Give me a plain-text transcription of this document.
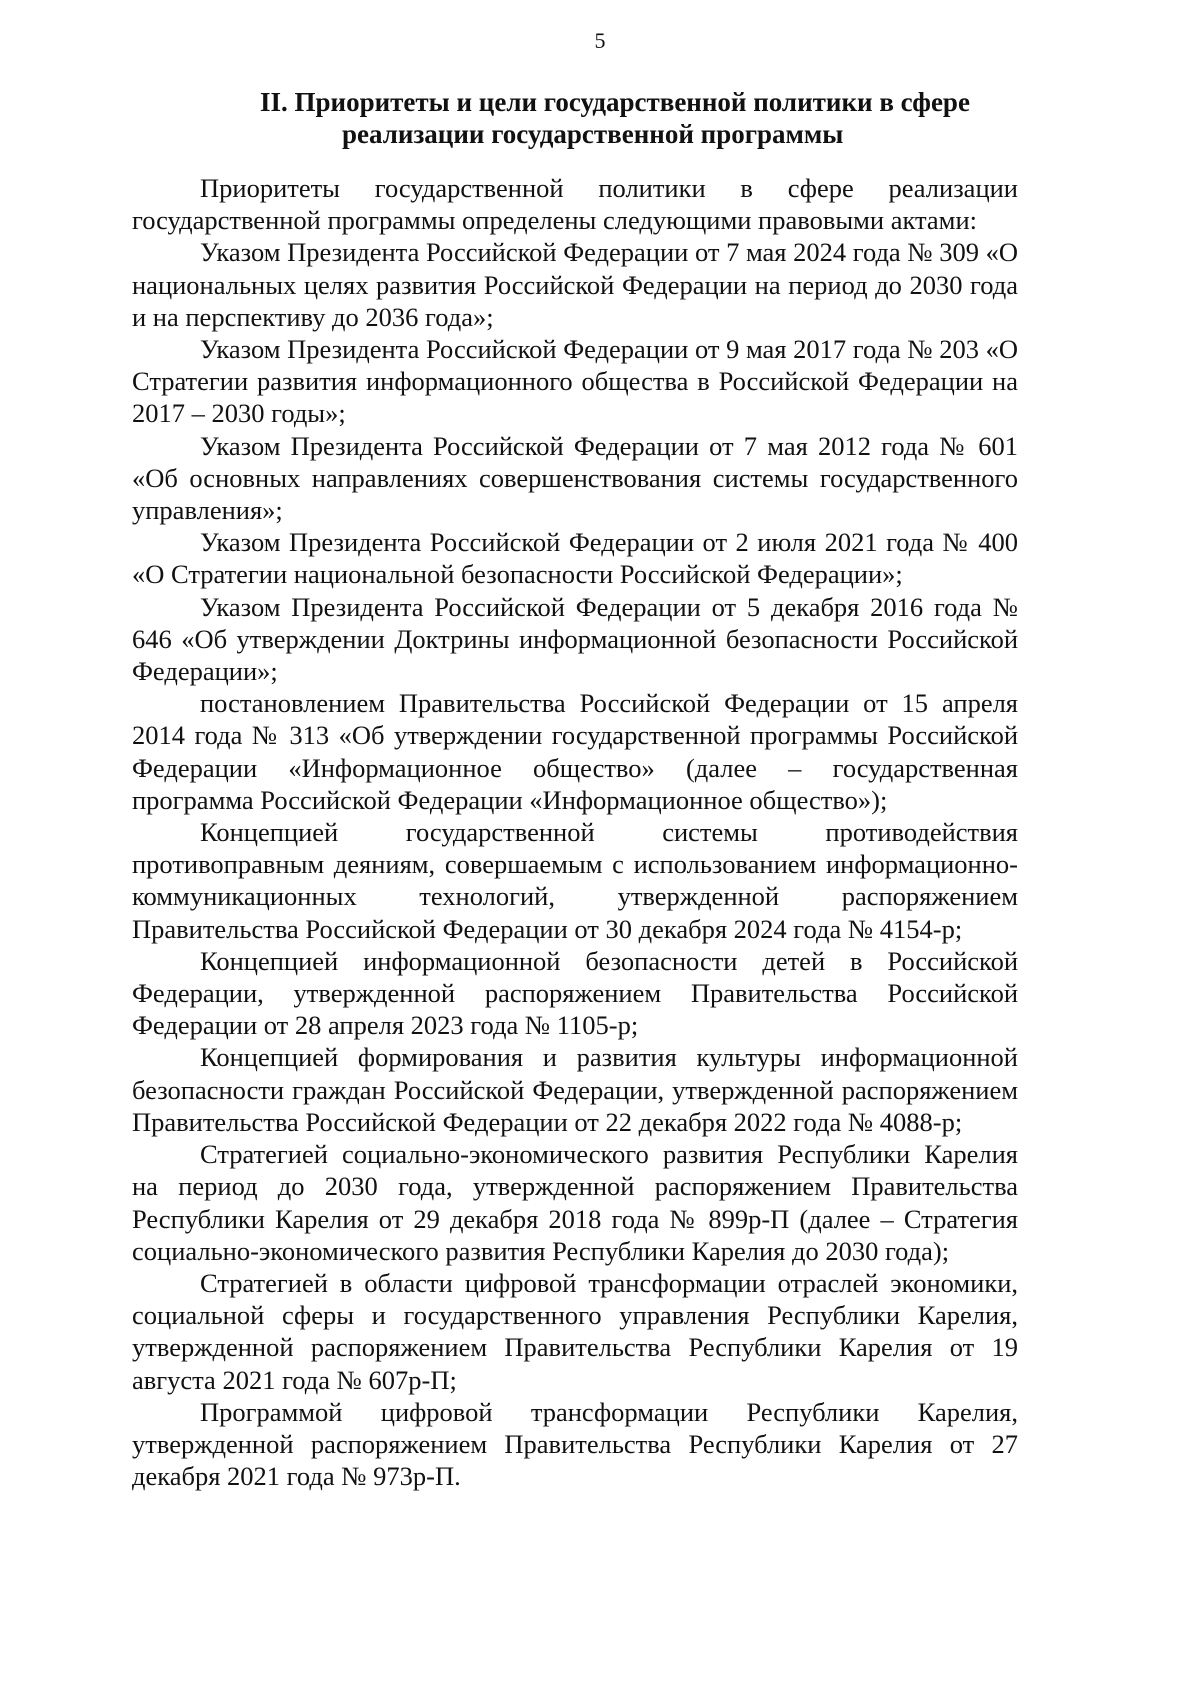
5
II. Приоритеты и цели государственной политики в сфере
реализации государственной программы

Приоритеты государственной политики в сфере реализации государственной программы определены следующими правовыми актами:

Указом Президента Российской Федерации от 7 мая 2024 года № 309 «О национальных целях развития Российской Федерации на период до 2030 года и на перспективу до 2036 года»;

Указом Президента Российской Федерации от 9 мая 2017 года № 203 «О Стратегии развития информационного общества в Российской Федерации на 2017 – 2030 годы»;

Указом Президента Российской Федерации от 7 мая 2012 года № 601 «Об основных направлениях совершенствования системы государственного управления»;

Указом Президента Российской Федерации от 2 июля 2021 года № 400 «О Стратегии национальной безопасности Российской Федерации»;

Указом Президента Российской Федерации от 5 декабря 2016 года № 646 «Об утверждении Доктрины информационной безопасности Российской Федерации»;

постановлением Правительства Российской Федерации от 15 апреля 2014 года № 313 «Об утверждении государственной программы Российской Федерации «Информационное общество» (далее – государственная программа Российской Федерации «Информационное общество»);

Концепцией государственной системы противодействия противоправным деяниям, совершаемым с использованием информационно-коммуникационных технологий, утвержденной распоряжением Правительства Российской Федерации от 30 декабря 2024 года № 4154-р;

Концепцией информационной безопасности детей в Российской Федерации, утвержденной распоряжением Правительства Российской Федерации от 28 апреля 2023 года № 1105-р;

Концепцией формирования и развития культуры информационной безопасности граждан Российской Федерации, утвержденной распоряжением Правительства Российской Федерации от 22 декабря 2022 года № 4088-р;

Стратегией социально-экономического развития Республики Карелия на период до 2030 года, утвержденной распоряжением Правительства Республики Карелия от 29 декабря 2018 года № 899р-П (далее – Стратегия социально-экономического развития Республики Карелия до 2030 года);

Стратегией в области цифровой трансформации отраслей экономики, социальной сферы и государственного управления Республики Карелия, утвержденной распоряжением Правительства Республики Карелия от 19 августа 2021 года № 607р-П;

Программой цифровой трансформации Республики Карелия, утвержденной распоряжением Правительства Республики Карелия от 27 декабря 2021 года № 973р-П.
